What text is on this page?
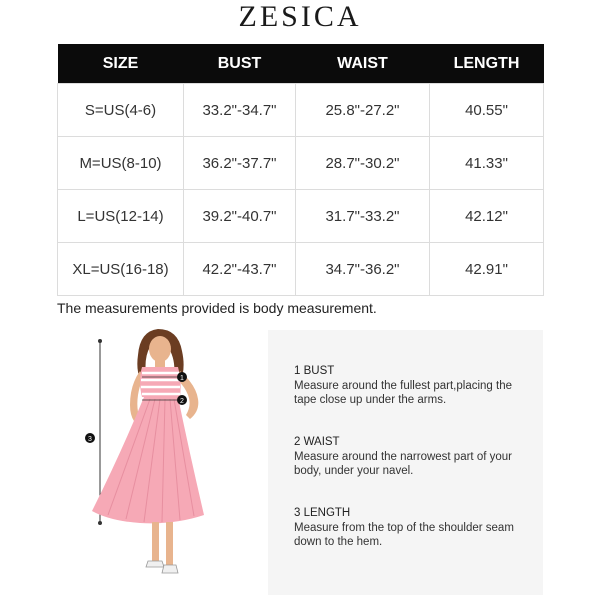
ZESICA
SIZE	BUST	WAIST	LENGTH
S=US(4-6)	33.2"-34.7"	25.8"-27.2"	40.55"
M=US(8-10)	36.2"-37.7"	28.7"-30.2"	41.33"
L=US(12-14)	39.2"-40.7"	31.7"-33.2"	42.12"
XL=US(16-18)	42.2"-43.7"	34.7"-36.2"	42.91"
The measurements provided is body measurement.
1
2
3
1 BUST
Measure around the fullest part,placing the tape close up under the arms.
2 WAIST
Measure around the narrowest part of your body, under your navel.
3 LENGTH
Measure from the top of the shoulder seam down to the hem.
